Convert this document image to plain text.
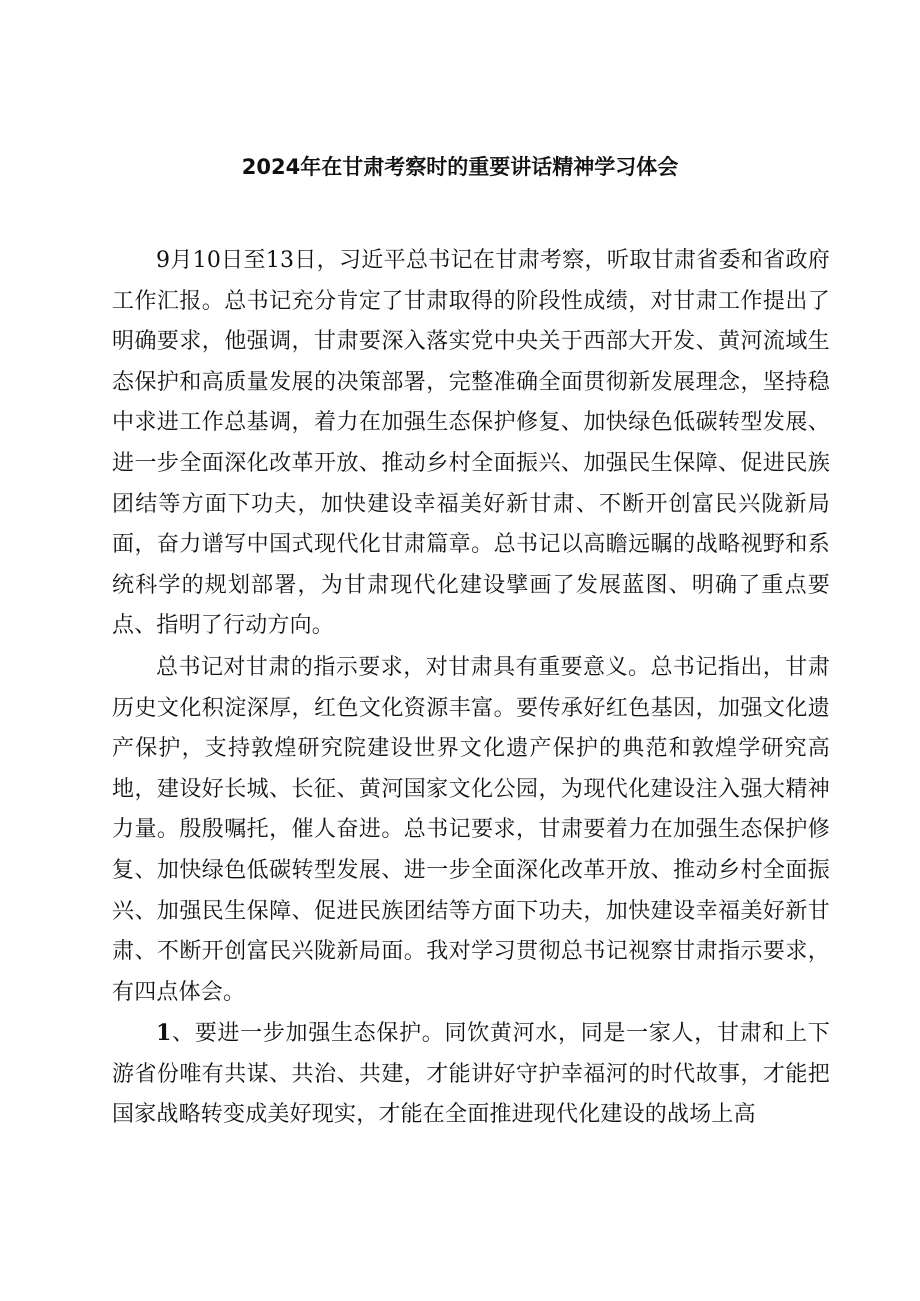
2024年在甘肃考察时的重要讲话精神学习体会

9月10日至13日，习近平总书记在甘肃考察，听取甘肃省委和省政府工作汇报。总书记充分肯定了甘肃取得的阶段性成绩，对甘肃工作提出了明确要求，他强调，甘肃要深入落实党中央关于西部大开发、黄河流域生态保护和高质量发展的决策部署，完整准确全面贯彻新发展理念，坚持稳中求进工作总基调，着力在加强生态保护修复、加快绿色低碳转型发展、进一步全面深化改革开放、推动乡村全面振兴、加强民生保障、促进民族团结等方面下功夫，加快建设幸福美好新甘肃、不断开创富民兴陇新局面，奋力谱写中国式现代化甘肃篇章。总书记以高瞻远瞩的战略视野和系统科学的规划部署，为甘肃现代化建设擘画了发展蓝图、明确了重点要点、指明了行动方向。

总书记对甘肃的指示要求，对甘肃具有重要意义。总书记指出，甘肃历史文化积淀深厚，红色文化资源丰富。要传承好红色基因，加强文化遗产保护，支持敦煌研究院建设世界文化遗产保护的典范和敦煌学研究高地，建设好长城、长征、黄河国家文化公园，为现代化建设注入强大精神力量。殷殷嘱托，催人奋进。总书记要求，甘肃要着力在加强生态保护修复、加快绿色低碳转型发展、进一步全面深化改革开放、推动乡村全面振兴、加强民生保障、促进民族团结等方面下功夫，加快建设幸福美好新甘肃、不断开创富民兴陇新局面。我对学习贯彻总书记视察甘肃指示要求，有四点体会。

1、要进一步加强生态保护。同饮黄河水，同是一家人，甘肃和上下游省份唯有共谋、共治、共建，才能讲好守护幸福河的时代故事，才能把国家战略转变成美好现实，才能在全面推进现代化建设的战场上高
